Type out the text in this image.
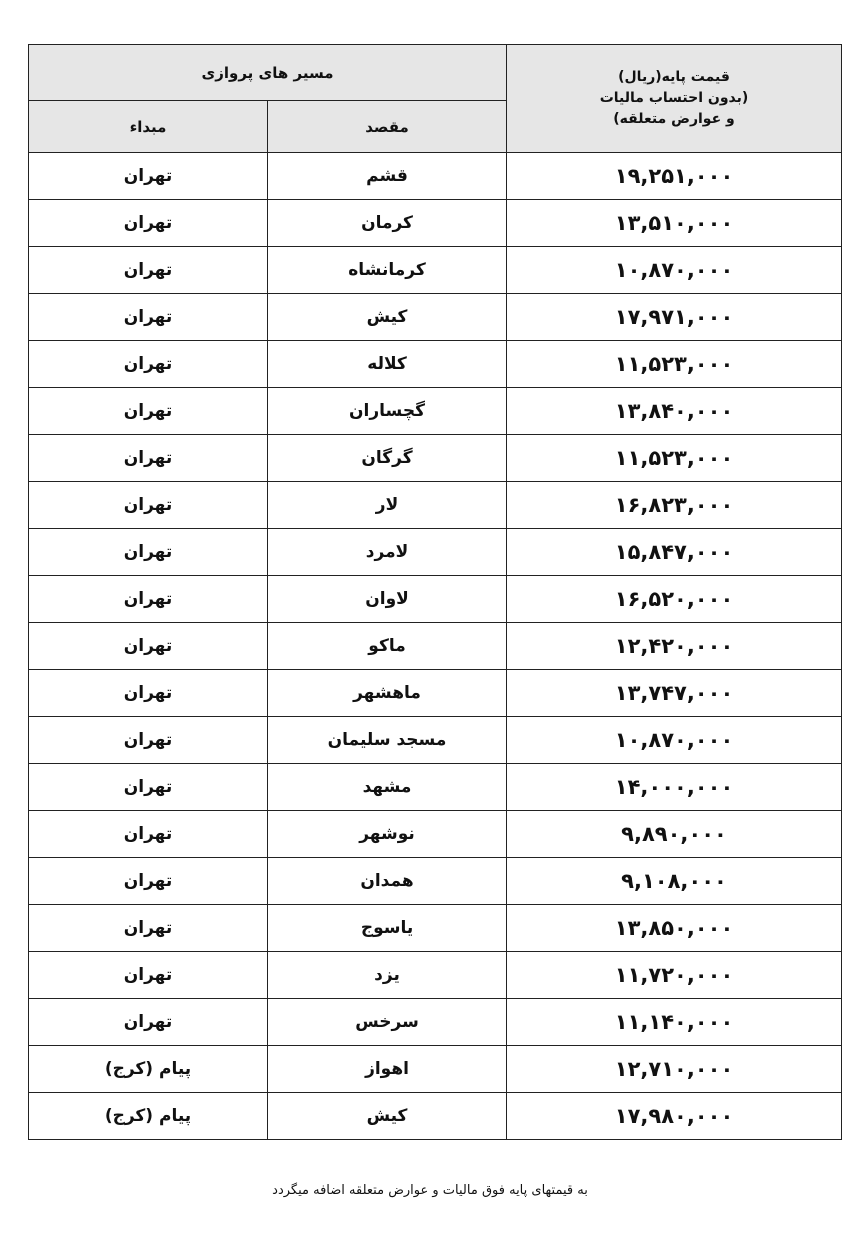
قیمت پایه(ریال)
(بدون احتساب مالیات
و عوارض متعلقه)	مسیر های پروازی	
	مقصد	مبداء
۱۹,۲۵۱,۰۰۰	قشم	تهران
۱۳,۵۱۰,۰۰۰	کرمان	تهران
۱۰,۸۷۰,۰۰۰	کرمانشاه	تهران
۱۷,۹۷۱,۰۰۰	کیش	تهران
۱۱,۵۲۳,۰۰۰	کلاله	تهران
۱۳,۸۴۰,۰۰۰	گچساران	تهران
۱۱,۵۲۳,۰۰۰	گرگان	تهران
۱۶,۸۲۳,۰۰۰	لار	تهران
۱۵,۸۴۷,۰۰۰	لامرد	تهران
۱۶,۵۲۰,۰۰۰	لاوان	تهران
۱۲,۴۲۰,۰۰۰	ماکو	تهران
۱۳,۷۴۷,۰۰۰	ماهشهر	تهران
۱۰,۸۷۰,۰۰۰	مسجد سلیمان	تهران
۱۴,۰۰۰,۰۰۰	مشهد	تهران
۹,۸۹۰,۰۰۰	نوشهر	تهران
۹,۱۰۸,۰۰۰	همدان	تهران
۱۳,۸۵۰,۰۰۰	یاسوج	تهران
۱۱,۷۲۰,۰۰۰	یزد	تهران
۱۱,۱۴۰,۰۰۰	سرخس	تهران
۱۲,۷۱۰,۰۰۰	اهواز	پیام (کرج)
۱۷,۹۸۰,۰۰۰	کیش	پیام (کرج)
به قیمتهای پایه فوق مالیات و عوارض متعلقه اضافه میگردد
